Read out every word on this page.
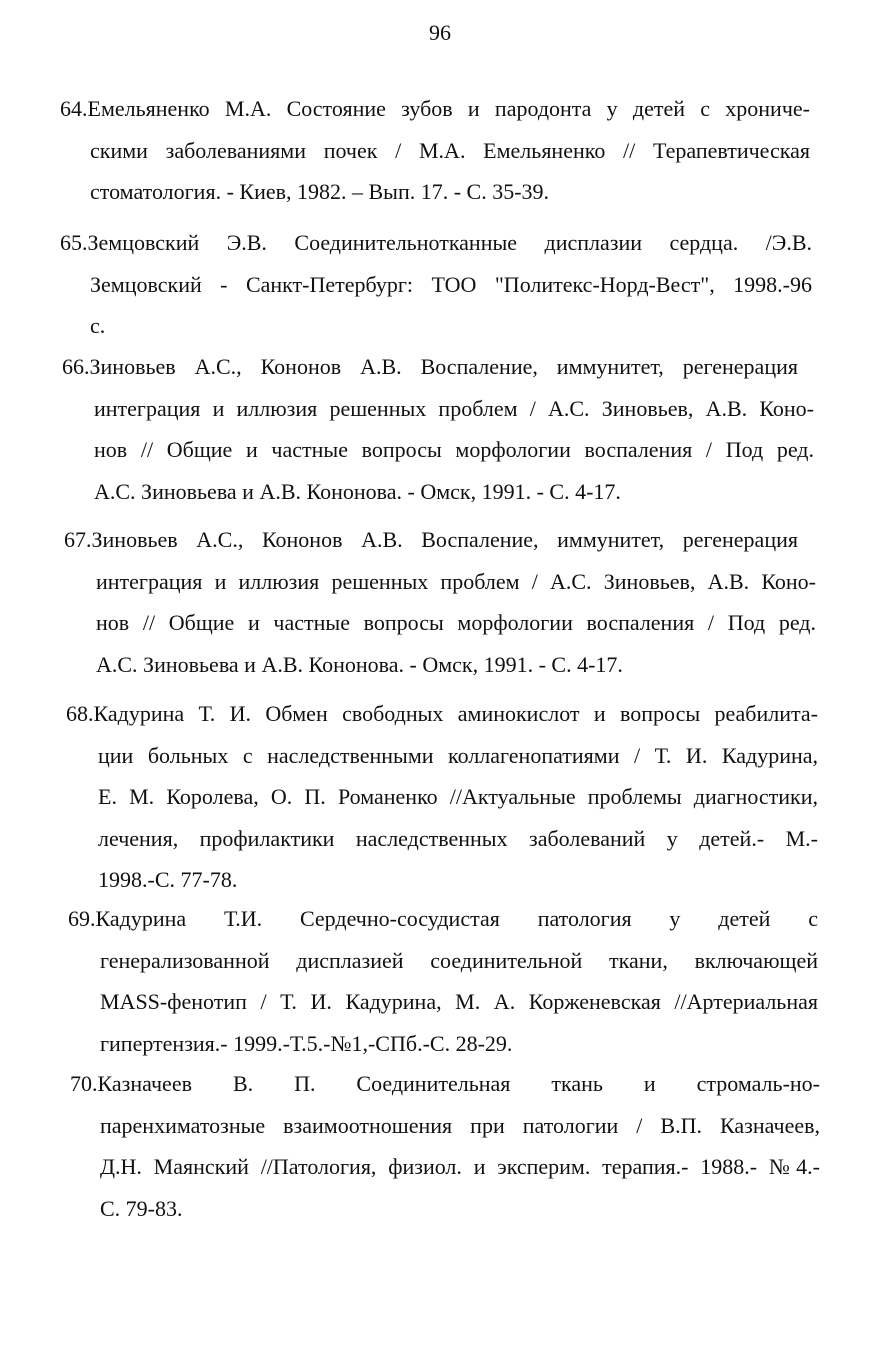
96
64.Емельяненко М.А. Состояние зубов и пародонта у детей с хрониче-
скими заболеваниями почек / М.А. Емельяненко // Терапевтическая
стоматология. - Киев, 1982. – Вып. 17. - С. 35-39.
65.Земцовский Э.В. Соединительнотканные дисплазии сердца. /Э.В.
Земцовский - Санкт-Петербург: ТОО "Политекс-Норд-Вест", 1998.-96
с.
66.Зиновьев А.С., Кононов А.В. Воспаление, иммунитет, регенерация
интеграция и иллюзия решенных проблем / А.С. Зиновьев, А.В. Коно-
нов // Общие и частные вопросы морфологии воспаления / Под ред.
А.С. Зиновьева и А.В. Кононова. - Омск, 1991. - С. 4-17.
67.Зиновьев А.С., Кононов А.В. Воспаление, иммунитет, регенерация
интеграция и иллюзия решенных проблем / А.С. Зиновьев, А.В. Коно-
нов // Общие и частные вопросы морфологии воспаления / Под ред.
А.С. Зиновьева и А.В. Кононова. - Омск, 1991. - С. 4-17.
68.Кадурина Т. И. Обмен свободных аминокислот и вопросы реабилита-
ции больных с наследственными коллагенопатиями / Т. И. Кадурина,
Е. М. Королева, О. П. Романенко //Актуальные проблемы диагностики,
лечения, профилактики наследственных заболеваний у детей.- М.-
1998.-С. 77-78.
69.Кадурина Т.И. Сердечно-сосудистая патология у детей с
генерализованной дисплазией соединительной ткани, включающей
MASS-фенотип / Т. И. Кадурина, М. А. Корженевская //Артериальная
гипертензия.- 1999.-Т.5.-№1,-СПб.-С. 28-29.
70.Казначеев В. П. Соединительная ткань и стромаль-но-
паренхиматозные взаимоотношения при патологии / В.П. Казначеев,
Д.Н. Маянский //Патология, физиол. и эксперим. терапия.- 1988.- №4.-
С. 79-83.
